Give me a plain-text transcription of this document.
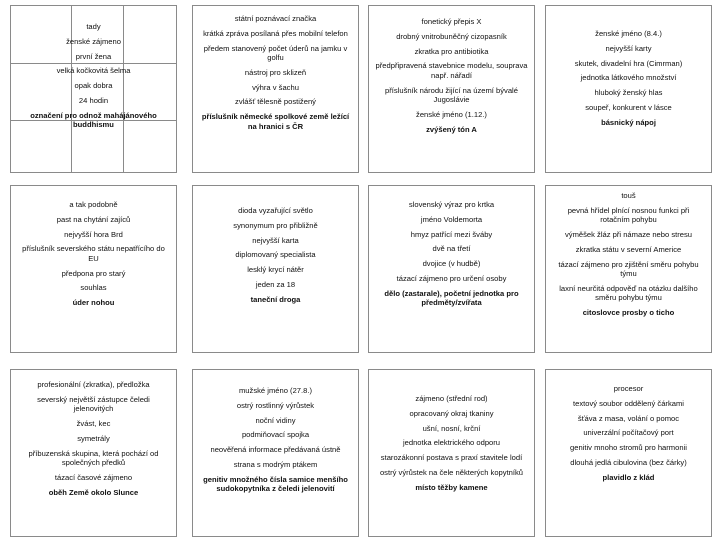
tady
ženské zájmeno
první žena
velká kočkovitá šelma
opak dobra
24 hodin
označení pro odnož mahájánového buddhismu
státní poznávací značka
krátká zpráva posílaná přes mobilní telefon
předem stanovený počet úderů na jamku v golfu
nástroj pro sklizeň
výhra v šachu
zvlášť tělesně postižený
příslušník německé spolkové země ležící na hranici s ČR
fonetický přepis X
drobný vnitrobuněčný cizopasník
zkratka pro antibiotika
předpřipravená stavebnice modelu, souprava např. nářadí
příslušník národu žijící na území bývalé Jugoslávie
ženské jméno (1.12.)
zvýšený tón A
ženské jméno (8.4.)
nejvyšší karty
skutek, divadelní hra (Cimrman)
jednotka látkového množství
hluboký ženský hlas
soupeř, konkurent v lásce
básnický nápoj
a tak podobně
past na chytání zajíců
nejvyšší hora Brd
příslušník severského státu nepatřícího do EU
předpona pro starý
souhlas
úder nohou
dioda vyzařující světlo
synonymum pro přibližně
nejvyšší karta
diplomovaný specialista
lesklý krycí nátěr
jeden za 18
taneční droga
slovenský výraz pro krtka
jméno Voldemorta
hmyz patřící mezi šváby
dvě na třetí
dvojice (v hudbě)
tázací zájmeno pro určení osoby
dělo (zastarale), početní jednotka pro předměty/zvířata
touš
pevná hřídel plnící nosnou funkci při rotačním pohybu
výměšek žláz při námaze nebo stresu
zkratka státu v severní Americe
tázací zájmeno pro zjištění směru pohybu týmu
laxní neurčitá odpověď na otázku dalšího směru pohybu týmu
citoslovce prosby o ticho
profesionální (zkratka), předložka
severský největší zástupce čeledi jelenovitých
žvást, kec
symetrály
příbuzenská skupina, která pochází od společných předků
tázací časové zájmeno
oběh Země okolo Slunce
mužské jméno (27.8.)
ostrý rostlinný výrůstek
noční vidiny
podmiňovací spojka
neověřená informace předávaná ústně
strana s modrým ptákem
genitiv množného čísla samice menšího sudokopytníka z čeledi jelenovití
zájmeno (střední rod)
opracovaný okraj tkaniny
ušní, nosní, krční
jednotka elektrického odporu
starozákonní postava s praxí stavitele lodí
ostrý výrůstek na čele některých kopytníků
místo těžby kamene
procesor
textový soubor oddělený čárkami
šťáva z masa, volání o pomoc
univerzální počítačový port
genitiv mnoho stromů pro harmonii
dlouhá jedlá cibulovina (bez čárky)
plavidlo z klád
